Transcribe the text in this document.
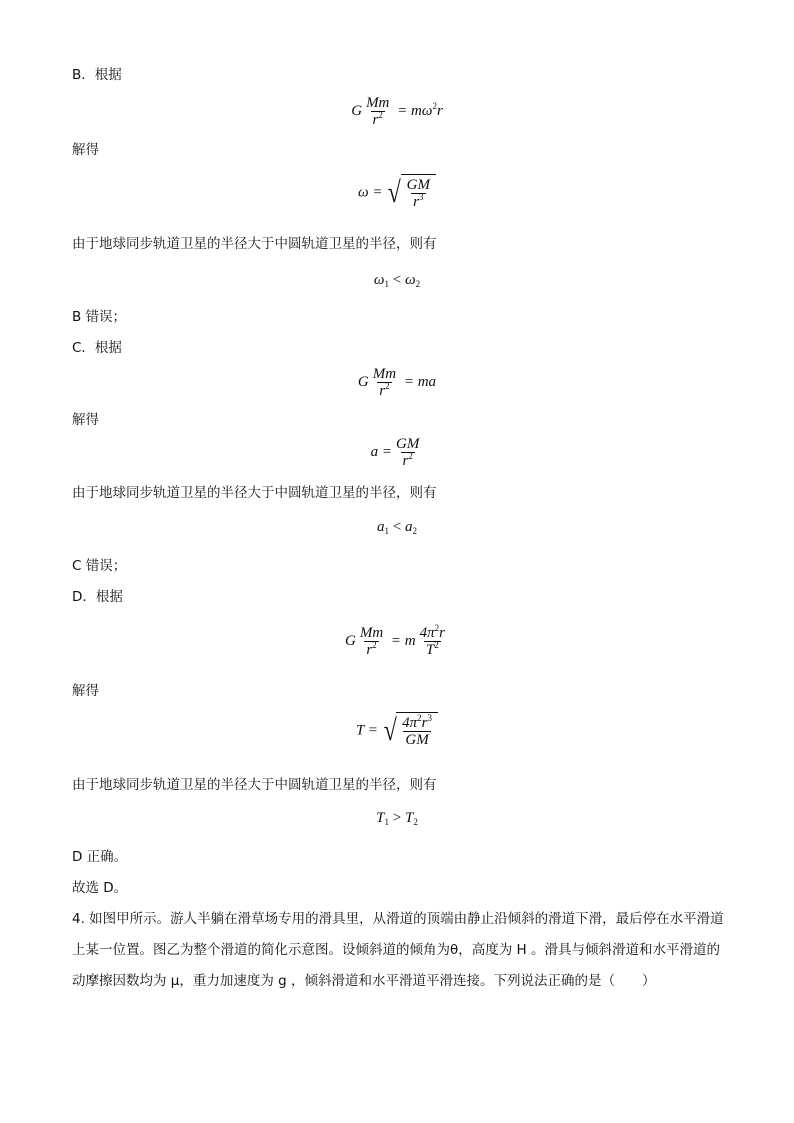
B．根据
G $\frac{Mm}{r^2} = m\omega^2r$
解得
ω = √ $\frac{GM}{r^3}$
由于地球同步轨道卫星的半径大于中圆轨道卫星的半径，则有
$\omega_1 < \omega_2$
B 错误；
C．根据
G $\frac{Mm}{r^2}$ = ma
解得
$a = \frac{GM}{r^2}$
由于地球同步轨道卫星的半径大于中圆轨道卫星的半径，则有
$a_1 < a_2$
C 错误；
D．根据
G $\frac{Mm}{r^2} = m \frac{4\pi^2r}{T^2}$
解得
T = √ $\frac{4\pi^2r^3}{GM}$
由于地球同步轨道卫星的半径大于中圆轨道卫星的半径，则有
$T_1 > T_2$
D 正确。
故选 D。
4. 如图甲所示。游人半躺在滑草场专用的滑具里，从滑道的顶端由静止沿倾斜的滑道下滑，最后停在水平滑道上某一位置。图乙为整个滑道的简化示意图。设倾斜道的倾角为θ，高度为 H 。滑具与倾斜滑道和水平滑道的动摩擦因数均为 μ，重力加速度为 g ，倾斜滑道和水平滑道平滑连接。下列说法正确的是（　　）
